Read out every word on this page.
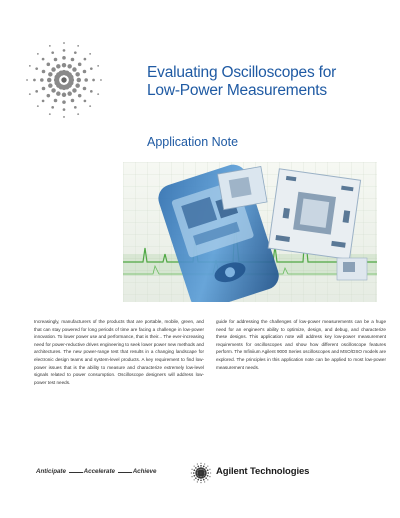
Evaluating Oscilloscopes for
Low-Power Measurements
Application Note

Increasingly, manufacturers of the products that are portable, mobile, green, and that can stay powered for long periods of time are facing a challenge in low-power innovation. To lower power use and performance, that is their... The ever-increasing need for power-reductive drives engineering to seek lower power new methods and architectures. The new power-range test that results in a changing landscape for electronic design teams and system-level products. A key requirement to find low-power issues that is the ability to measure and characterize extremely low-level signals related to power consumption. Oscilloscope designers will address low-power test needs.

guide for addressing the challenges of low-power measurements can be a huge need for an engineer's ability to optimize, design, and debug, and characterize these designs. This application note will address key low-power measurement requirements for oscilloscopes and show how different oscilloscope features perform. The Infiniium Agilent 9000 Series oscilloscopes and MSO/DSO models are explored. The principles in this application note can be applied to most low-power measurement needs.

Anticipate	Accelerate	Achieve	Agilent Technologies
